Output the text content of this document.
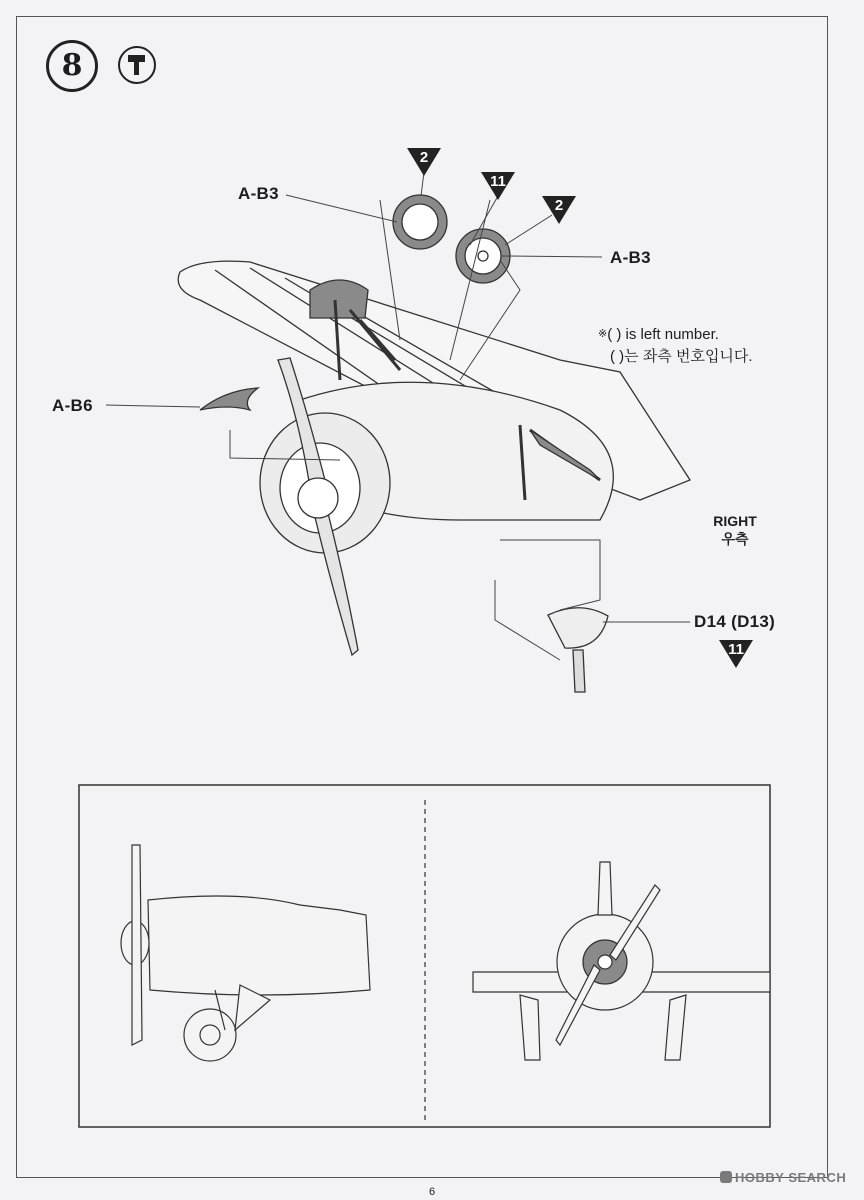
8
A-B3
A-B3
A-B6
D14 (D13)
2
11
2
11
※( ) is left number.
( )는 좌측 번호입니다.
RIGHT
우측
6
HOBBY SEARCH
